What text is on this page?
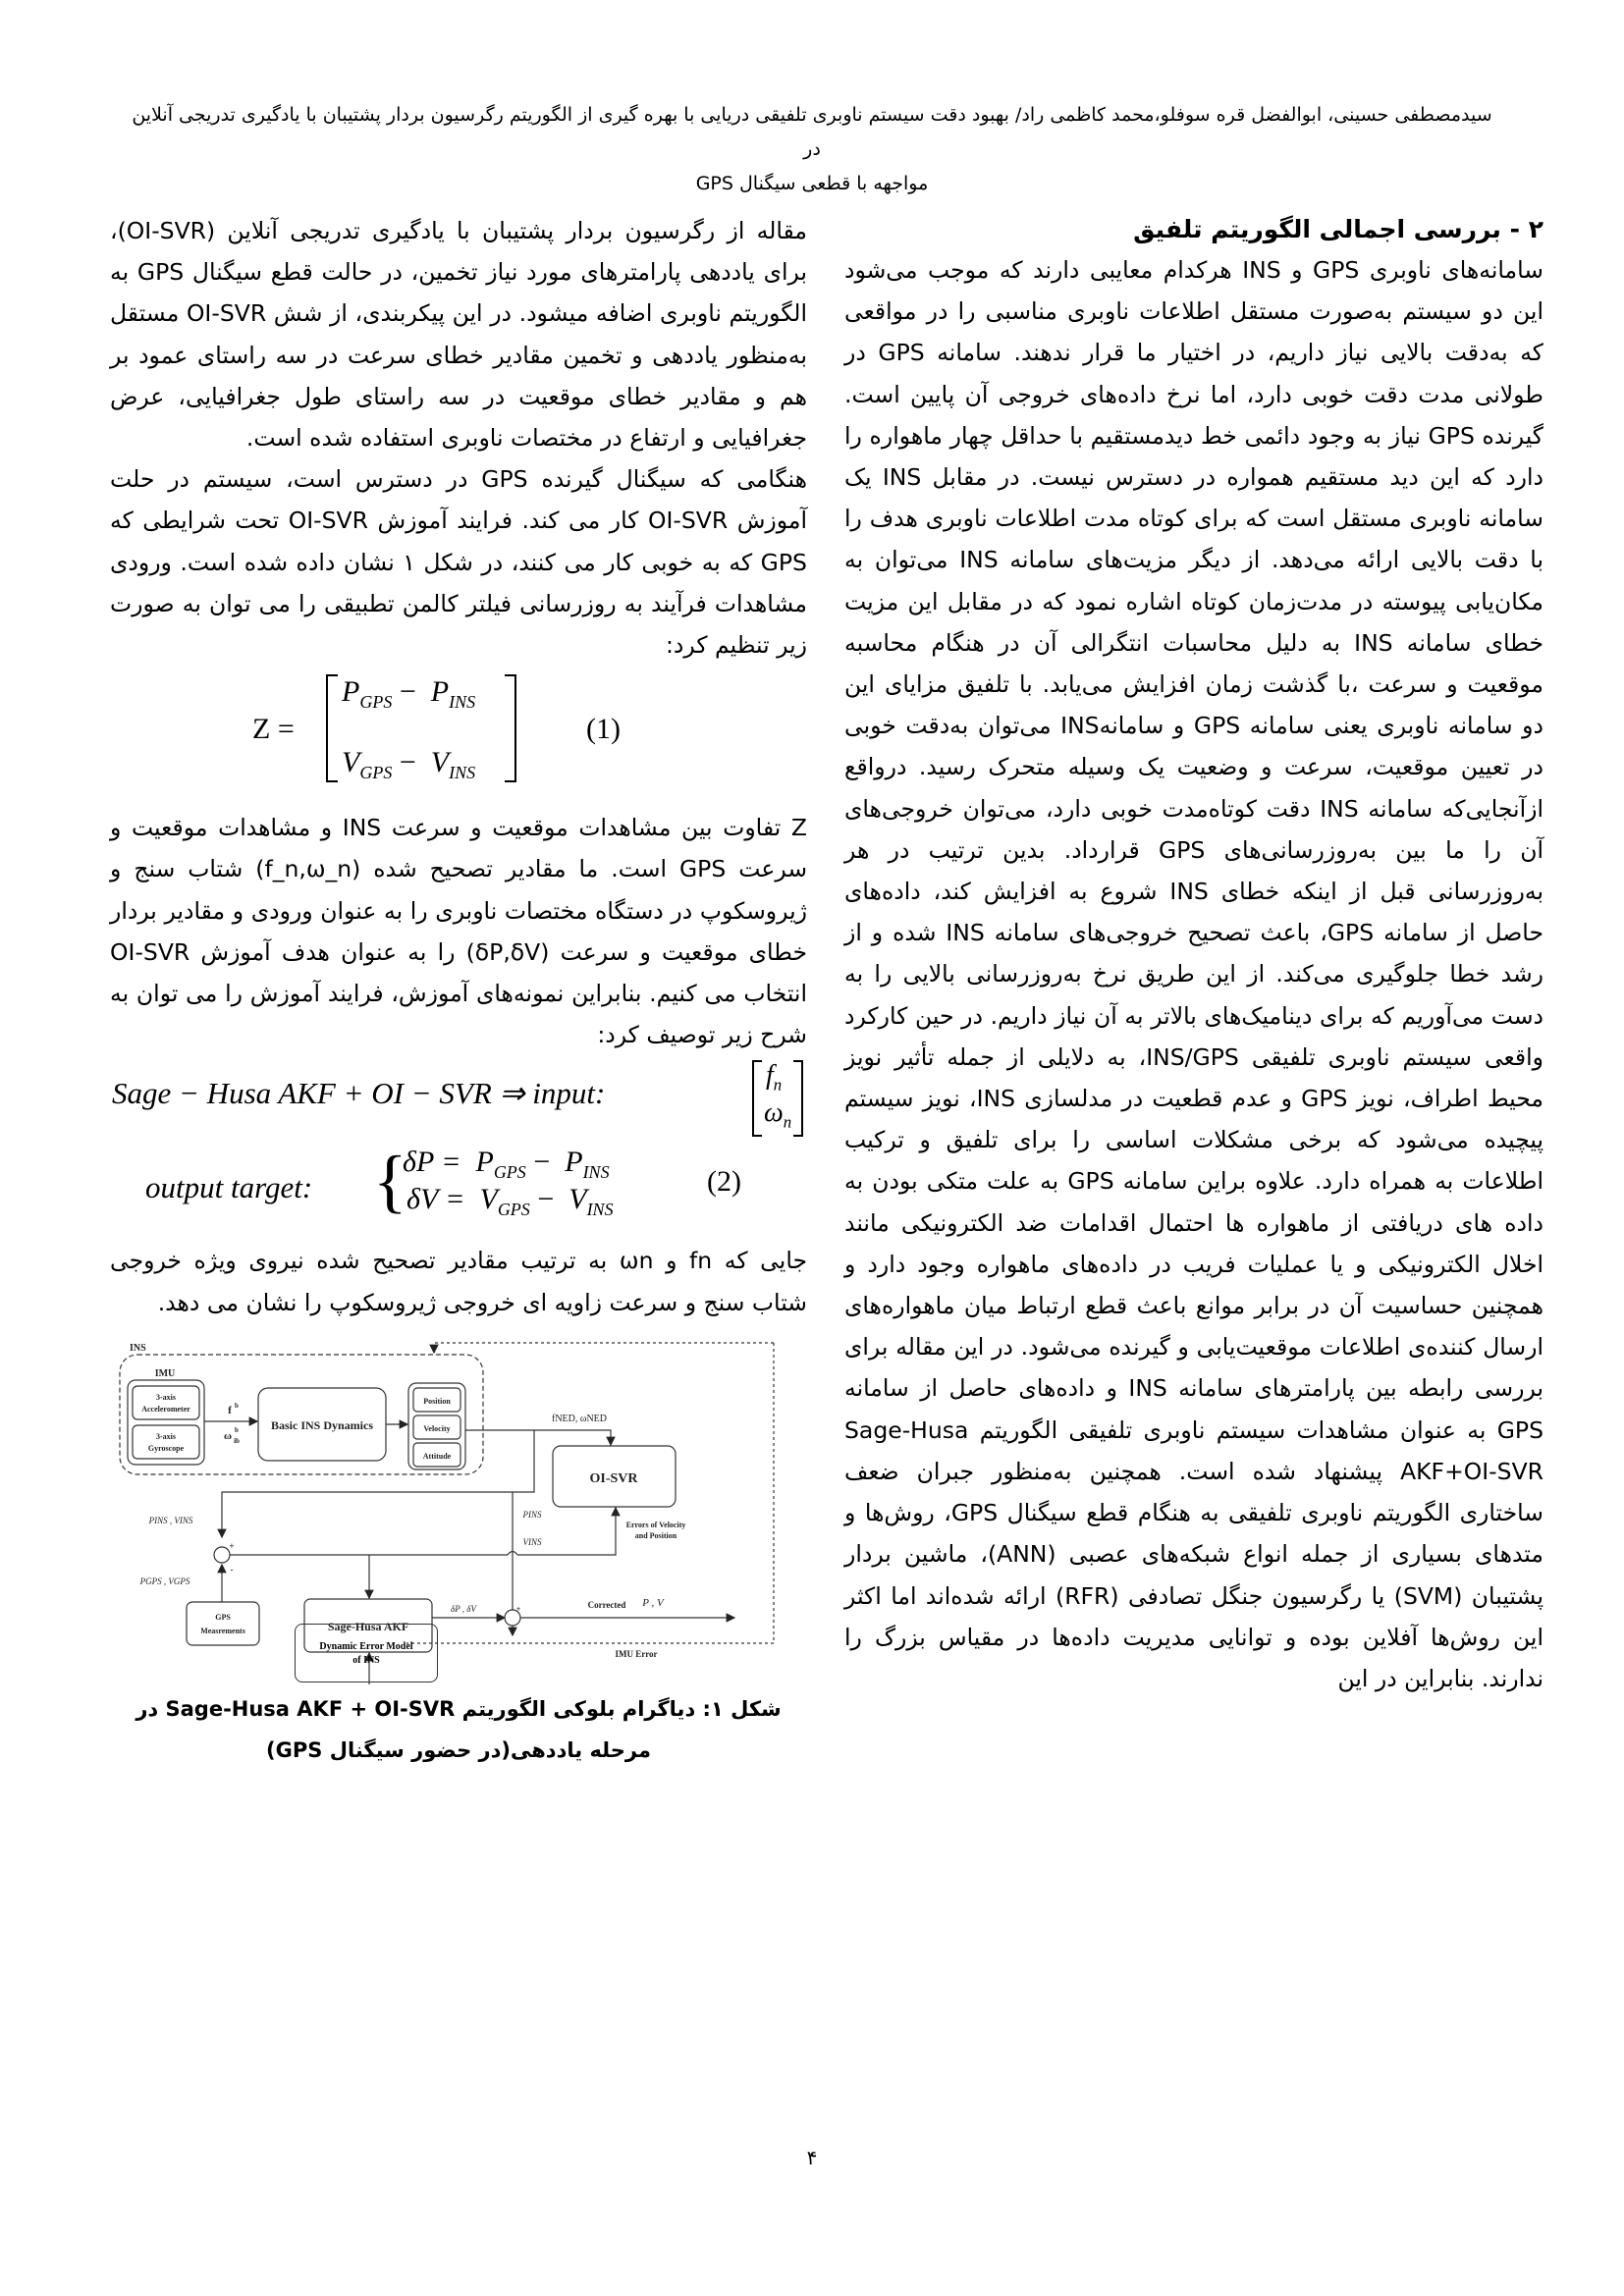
سیدمصطفی حسینی، ابوالفضل قره سوفلو،محمد کاظمی راد/ بهبود دقت سیستم ناوبری تلفیقی دریایی با بهره گیری از الگوریتم رگرسیون بردار پشتیبان با یادگیری تدریجی آنلاین در
مواجهه با قطعی سیگنال GPS
۲ - بررسی اجمالی الگوریتم تلفیق

سامانه‌های ناوبری GPS و INS هرکدام معایبی دارند که موجب می‌شود این دو سیستم به‌صورت مستقل اطلاعات ناوبری مناسبی را در مواقعی که به‌دقت بالایی نیاز داریم، در اختیار ما قرار ندهند. سامانه GPS در طولانی مدت دقت خوبی دارد، اما نرخ داده‌های خروجی آن پایین است. گیرنده GPS نیاز به وجود دائمی خط دیدمستقیم با حداقل چهار ماهواره را دارد که این دید مستقیم همواره در دسترس نیست. در مقابل INS یک سامانه ناوبری مستقل است که برای کوتاه مدت اطلاعات ناوبری هدف را با دقت بالایی ارائه می‌دهد. از دیگر مزیت‌های سامانه INS می‌توان به مکان‌یابی پیوسته در مدت‌زمان کوتاه اشاره نمود که در مقابل این مزیت خطای سامانه INS به دلیل محاسبات انتگرالی آن در هنگام محاسبه موقعیت و سرعت ،با گذشت زمان افزایش می‌یابد. با تلفیق مزایای این دو سامانه ناوبری یعنی سامانه GPS و سامانهINS می‌توان به‌دقت خوبی در تعیین موقعیت، سرعت و وضعیت یک وسیله متحرک رسید. درواقع ازآنجایی‌که سامانه INS دقت کوتاه‌مدت خوبی دارد، می‌توان خروجی‌های آن را ما بین به‌روزرسانی‌های GPS قرارداد. بدین ترتیب در هر به‌روزرسانی قبل از اینکه خطای INS شروع به افزایش کند، داده‌های حاصل از سامانه GPS، باعث تصحیح خروجی‌های سامانه INS شده و از رشد خطا جلوگیری می‌کند. از این طریق نرخ به‌روزرسانی بالایی را به دست می‌آوریم که برای دینامیک‌های بالاتر به آن نیاز داریم. در حین کارکرد واقعی سیستم ناوبری تلفیقی INS/GPS، به دلایلی از جمله تأثیر نویز محیط اطراف، نویز GPS و عدم قطعیت در مدلسازی INS، نویز سیستم پیچیده می‌شود که برخی مشکلات اساسی را برای تلفیق و ترکیب اطلاعات به همراه دارد. علاوه براین سامانه GPS به علت متکی بودن به داده های دریافتی از ماهواره ها احتمال اقدامات ضد الکترونیکی مانند اخلال الکترونیکی و یا عملیات فریب در داده‌های ماهواره وجود دارد و همچنین حساسیت آن در برابر موانع باعث قطع ارتباط میان ماهواره‌های ارسال کننده‌ی اطلاعات موقعیت‌یابی و گیرنده می‌شود. در این مقاله برای بررسی رابطه بین پارامترهای سامانه INS و داده‌های حاصل از سامانه GPS به عنوان مشاهدات سیستم ناوبری تلفیقی الگوریتم Sage-Husa AKF+OI-SVR پیشنهاد شده است. همچنین به‌منظور جبران ضعف ساختاری الگوریتم ناوبری تلفیقی به هنگام قطع سیگنال GPS، روش‌ها و متدهای بسیاری از جمله انواع شبکه‌های عصبی (ANN)، ماشین بردار پشتیبان (SVM) یا رگرسیون جنگل تصادفی (RFR) ارائه شده‌اند اما اکثر این روش‌ها آفلاین بوده و توانایی مدیریت داده‌ها در مقیاس بزرگ را ندارند. بنابراین در این

مقاله از رگرسیون بردار پشتیبان با یادگیری تدریجی آنلاین (OI-SVR)، برای یاددهی پارامترهای مورد نیاز تخمین، در حالت قطع سیگنال GPS به الگوریتم ناوبری اضافه میشود. در این پیکربندی، از شش OI-SVR مستقل به‌منظور یاددهی و تخمین مقادیر خطای سرعت در سه راستای عمود بر هم و مقادیر خطای موقعیت در سه راستای طول جغرافیایی، عرض جغرافیایی و ارتفاع در مختصات ناوبری استفاده شده است.

هنگامی که سیگنال گیرنده GPS در دسترس است، سیستم در حلت آموزش OI-SVR کار می کند. فرایند آموزش OI-SVR تحت شرایطی که GPS که به خوبی کار می کنند، در شکل ۱ نشان داده شده است. ورودی مشاهدات فرآیند به روزرسانی فیلتر کالمن تطبیقی را می توان به صورت زیر تنظیم کرد:

Z =
$P_{GPS} - P_{INS}$
$V_{GPS} - V_{INS}$
(1)

Z تفاوت بین مشاهدات موقعیت و سرعت INS و مشاهدات موقعیت و سرعت GPS است. ما مقادیر تصحیح شده (f_n,ω_n) شتاب سنج و ژیروسکوپ در دستگاه مختصات ناوبری را به عنوان ورودی و مقادیر بردار خطای موقعیت و سرعت (δP,δV) را به عنوان هدف آموزش OI-SVR انتخاب می کنیم. بنابراین نمونه‌های آموزش، فرایند آموزش را می توان به شرح زیر توصیف کرد:

Sage − Husa AKF + OI − SVR ⇒ input:
$f_n$
$\omega_n$
output target: {
$\delta P = P_{GPS} - P_{INS}$
$\delta V = V_{GPS} - V_{INS}$
(2)

جایی که fn و ωn به ترتیب مقادیر تصحیح شده نیروی ویژه خروجی شتاب سنج و سرعت زاویه ای خروجی ژیروسکوپ را نشان می دهد.

INS
IMU
3-axis
Accelerometer
3-axis
Gyroscope
f b
ω ib
b	Basic INS Dynamics
Position
Velocity
Attitude
fNED, ωNED
OI-SVR
PINS , VINS
+
-
PGPS , VGPS
PINS
VINS
Errors of Velocity
and Position
GPS
Measrements	Sage-Husa AKF
δP , δV	+	Corrected P , V
IMU Error
Dynamic Error Model
of INS
شکل ۱: دیاگرام بلوکی الگوریتم Sage-Husa AKF + OI-SVR در
مرحله یاددهی(در حضور سیگنال GPS)
۴
